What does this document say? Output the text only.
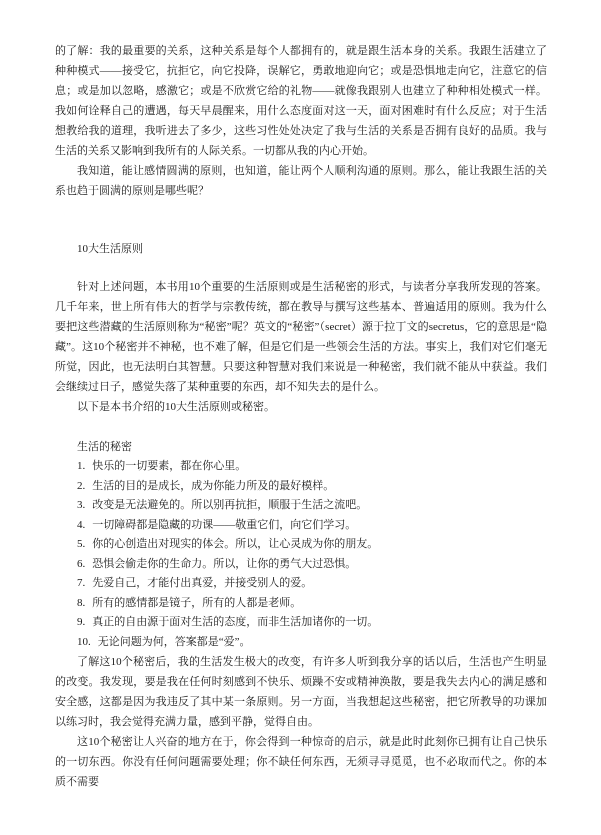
的了解：我的最重要的关系，这种关系是每个人都拥有的，就是跟生活本身的关系。我跟生活建立了种种模式——接受它，抗拒它，向它投降，误解它，勇敢地迎向它；或是恐惧地走向它，注意它的信息；或是加以忽略，感激它；或是不欣赏它给的礼物——就像我跟别人也建立了种种相处模式一样。我如何诠释自己的遭遇，每天早晨醒来，用什么态度面对这一天，面对困难时有什么反应；对于生活想教给我的道理，我听进去了多少，这些习性处处决定了我与生活的关系是否拥有良好的品质。我与生活的关系又影响到我所有的人际关系。一切都从我的内心开始。

我知道，能让感情圆满的原则，也知道，能让两个人顺利沟通的原则。那么，能让我跟生活的关系也趋于圆满的原则是哪些呢？

10大生活原则

针对上述问题，本书用10个重要的生活原则或是生活秘密的形式，与读者分享我所发现的答案。几千年来，世上所有伟大的哲学与宗教传统，都在教导与撰写这些基本、普遍适用的原则。我为什么要把这些潜藏的生活原则称为“秘密”呢？英文的“秘密”（secret）源于拉丁文的secretus，它的意思是“隐藏”。这10个秘密并不神秘，也不难了解，但是它们是一些领会生活的方法。事实上，我们对它们毫无所觉，因此，也无法明白其智慧。只要这种智慧对我们来说是一种秘密，我们就不能从中获益。我们会继续过日子，感觉失落了某种重要的东西，却不知失去的是什么。

以下是本书介绍的10大生活原则或秘密。

生活的秘密
1. 快乐的一切要素，都在你心里。
2. 生活的目的是成长，成为你能力所及的最好模样。
3. 改变是无法避免的。所以别再抗拒，顺服于生活之流吧。
4. 一切障碍都是隐藏的功课——敬重它们，向它们学习。
5. 你的心创造出对现实的体会。所以，让心灵成为你的朋友。
6. 恐惧会偷走你的生命力。所以，让你的勇气大过恐惧。
7. 先爱自己，才能付出真爱，并接受别人的爱。
8. 所有的感情都是镜子，所有的人都是老师。
9. 真正的自由源于面对生活的态度，而非生活加诸你的一切。
10. 无论问题为何，答案都是“爱”。

了解这10个秘密后，我的生活发生极大的改变，有许多人听到我分享的话以后，生活也产生明显的改变。我发现，要是我在任何时刻感到不快乐、烦躁不安或精神涣散，要是我失去内心的满足感和安全感，这都是因为我违反了其中某一条原则。另一方面，当我想起这些秘密，把它所教导的功课加以练习时，我会觉得充满力量，感到平静，觉得自由。

这10个秘密让人兴奋的地方在于，你会得到一种惊奇的启示，就是此时此刻你已拥有让自己快乐的一切东西。你没有任何问题需要处理；你不缺任何东西，无须寻寻觅觅，也不必取而代之。你的本质不需要
